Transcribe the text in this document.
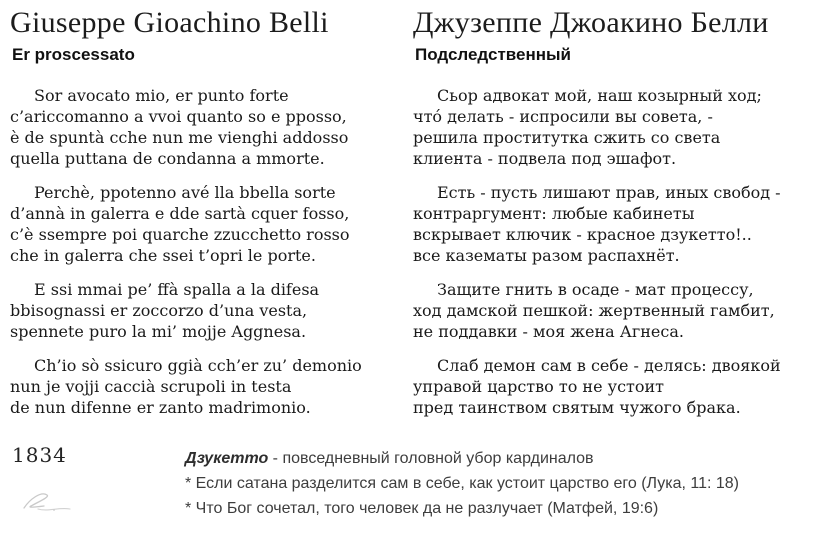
Giuseppe Gioachino Belli
Er proscessato
Sor avocato mio, er punto forte
c’ariccomanno a vvoi quanto so e pposso,
è de spuntà cche nun me vienghi addosso
quella puttana de condanna a mmorte.
Perchè, ppotenno avé lla bbella sorte
d’annà in galerra e dde sartà cquer fosso,
c’è ssempre poi quarche zzucchetto rosso
che in galerra che ssei t’opri le porte.
E ssi mmai pe’ ffà spalla a la difesa
bbisognassi er zoccorzo d’una vesta,
spennete puro la mi’ mojje Aggnesa.
Ch’io sò ssicuro ggià cch’er zu’ demonio
nun je vojji caccià scrupoli in testa
de nun difenne er zanto madrimonio.
Джузеппе Джоакино Белли
Подследственный
Сьор адвокат мой, наш козырный ход;
что́ делать - испросили вы совета, -
решила проститутка сжить со света
клиента - подвела под эшафот.
Есть - пусть лишают прав, иных свобод -
контраргумент: любые кабинеты
вскрывает ключик - красное дзукетто!..
все казематы разом распахнёт.
Защите гнить в осаде - мат процессу,
ход дамской пешкой: жертвенный гамбит,
не поддавки - моя жена Агнеса.
Слаб демон сам в себе - делясь: двоякой
управой царство то не устоит
пред таинством святым чужого брака.
1834	Дзукетто - повседневный головной убор кардиналов
* Если сатана разделится сам в себе, как устоит царство его (Лука, 11: 18)
* Что Бог сочетал, того человек да не разлучает (Матфей, 19:6)
